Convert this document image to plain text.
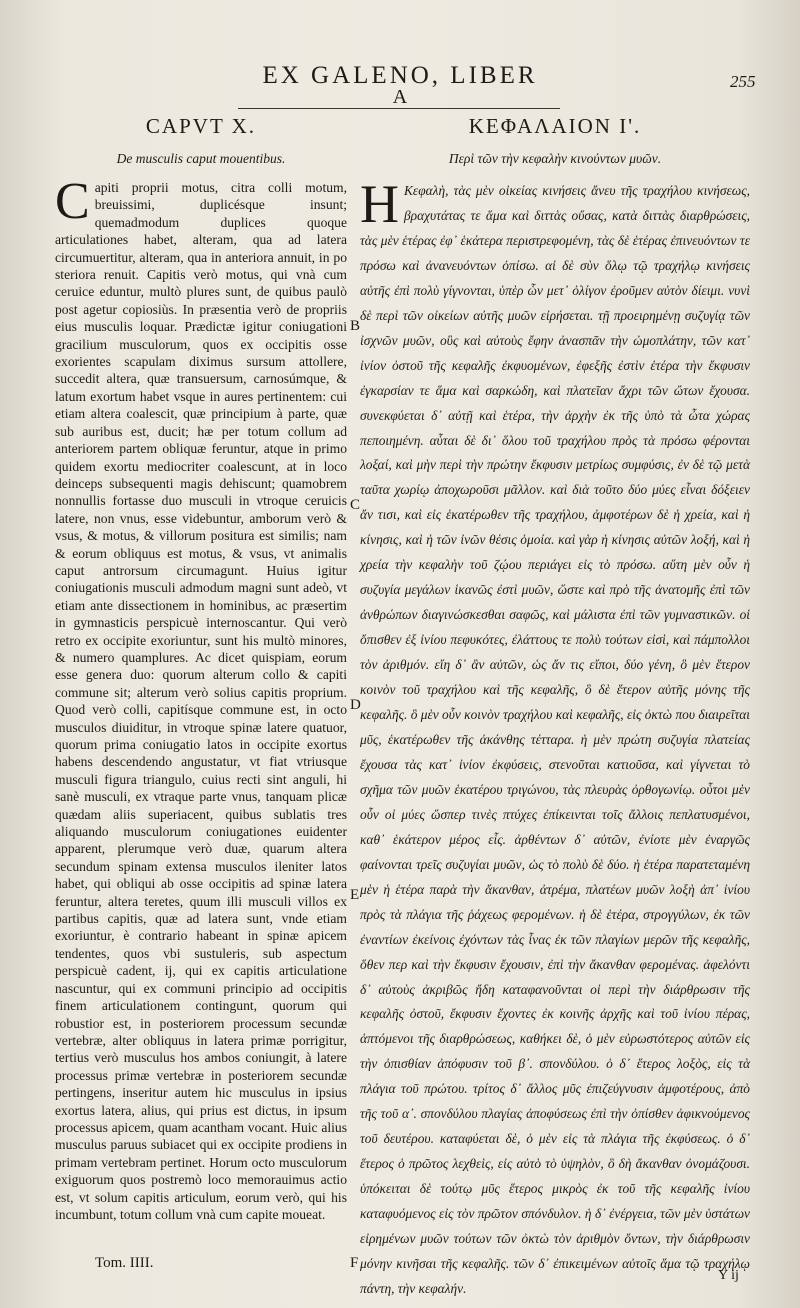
EX GALENO, LIBER	255
A
CAPVT X.
De musculis caput mouentibus.
C apiti proprii motus, citra colli motum, breuissimi, duplicésque insunt; quemadmodum duplices quoque articulationes habet, alteram, qua ad latera circumuertitur, alteram, qua in anteriora annuit, in po steriora renuit. Capitis verò motus, qui vnà cum ceruice eduntur, multò plures sunt, de quibus paulò post agetur copiosiùs. In præsentia verò de propriis eius musculis loquar. Prædictæ igitur coniugationi gracilium musculorum, quos ex occipitis osse exorientes scapulam diximus sursum attollere, succedit altera, quæ transuersum, carnosúmque, & latum exortum habet vsque in aures pertinentem: cui etiam altera coalescit, quæ principium à parte, quæ sub auribus est, ducit; hæ per totum collum ad anteriorem partem obliquæ feruntur, atque in primo quidem exortu mediocriter coalescunt, at in loco deinceps subsequenti magis dehiscunt; quamobrem nonnullis fortasse duo musculi in vtroque ceruicis latere, non vnus, esse videbuntur, amborum verò & vsus, & motus, & villorum positura est similis; nam & eorum obliquus est motus, & vsus, vt animalis caput antrorsum circumagunt. Huius igitur coniugationis musculi admodum magni sunt adeò, vt etiam ante dissectionem in hominibus, ac præsertim in gymnasticis perspicuè internoscantur. Qui verò retro ex occipite exoriuntur, sunt his multò minores, & numero quamplures. Ac dicet quispiam, eorum esse genera duo: quorum alterum collo & capiti commune sit; alterum verò solius capitis proprium. Quod verò colli, capitísque commune est, in octo musculos diuiditur, in vtroque spinæ latere quatuor, quorum prima coniugatio latos in occipite exortus habens descendendo angustatur, vt fiat vtriusque musculi figura triangulo, cuius recti sint anguli, hi sanè musculi, ex vtraque parte vnus, tanquam plicæ quædam aliis superiacent, quibus sublatis tres aliquando musculorum coniugationes euidenter apparent, plerumque verò duæ, quarum altera secundum spinam extensa musculos ileniter latos habet, qui obliqui ab osse occipitis ad spinæ latera feruntur, altera teretes, quum illi musculi villos ex partibus capitis, quæ ad latera sunt, vnde etiam exoriuntur, è contrario habeant in spinæ apicem tendentes, quos vbi sustuleris, sub aspectum perspicuè cadent, ij, qui ex capitis articulatione nascuntur, qui ex communi principio ad occipitis finem articulationem contingunt, quorum qui robustior est, in posteriorem processum secundæ vertebræ, alter obliquus in latera primæ porrigitur, tertius verò musculus hos ambos coniungit, à latere processus primæ vertebræ in posteriorem secundæ pertingens, inseritur autem hic musculus in ipsius exortus latera, alius, qui prius est dictus, in ipsum processus apicem, quam acantham vocant. Huic alius musculus paruus subiacet qui ex occipite prodiens in primam vertebram pertinet. Horum octo musculorum exiguorum quos postremò loco memorauimus actio est, vt solum capitis articulum, eorum verò, qui his incumbunt, totum collum vnà cum capite moueat.
B
C
D
E
F
ΚΕΦΑΛΑΙΟΝ Ι'.
Περὶ τῶν τὴν κεφαλὴν κινούντων μυῶν.
Η Κεφαλὴ, τὰς μὲν οἰκείας κινήσεις ἄνευ τῆς τραχήλου κινήσεως, βραχυτάτας τε ἅμα καὶ διττὰς οὔσας, κατὰ διττὰς διαρθρώσεις, τὰς μὲν ἑτέρας ἐφ᾽ ἑκάτερα περιστρεφομένη, τὰς δὲ ἑτέρας ἐπινευόντων τε πρόσω καὶ ἀνανευόντων ὀπίσω. αἱ δὲ σὺν ὅλῳ τῷ τραχήλῳ κινήσεις αὐτῆς ἐπὶ πολὺ γίγνονται, ὑπὲρ ὧν μετ᾽ ὀλίγον ἐροῦμεν αὐτὸν δίειμι. νυνὶ δὲ περὶ τῶν οἰκείων αὐτῆς μυῶν εἰρήσεται. τῇ προειρημένῃ συζυγίᾳ τῶν ἰσχνῶν μυῶν, οὓς καὶ αὐτοὺς ἔφην ἀνασπᾶν τὴν ὠμοπλάτην, τῶν κατ᾽ ἰνίον ὀστοῦ τῆς κεφαλῆς ἐκφυομένων, ἐφεξῆς ἐστὶν ἑτέρα τὴν ἔκφυσιν ἐγκαρσίαν τε ἅμα καὶ σαρκώδη, καὶ πλατεῖαν ἄχρι τῶν ὤτων ἔχουσα. συνεκφύεται δ᾽ αὐτῇ καὶ ἑτέρα, τὴν ἀρχὴν ἐκ τῆς ὑπὸ τὰ ὦτα χώρας πεποιημένη. αὗται δὲ δι᾽ ὅλου τοῦ τραχήλου πρὸς τὰ πρόσω φέρονται λοξαί, καὶ μὴν περὶ τὴν πρώτην ἔκφυσιν μετρίως συμφύσις, ἐν δὲ τῷ μετὰ ταῦτα χωρίῳ ἀποχωροῦσι μᾶλλον. καὶ διὰ τοῦτο δύο μύες εἶναι δόξειεν ἄν τισι, καὶ εἰς ἑκατέρωθεν τῆς τραχήλου, ἀμφοτέρων δὲ ἡ χρεία, καὶ ἡ κίνησις, καὶ ἡ τῶν ἰνῶν θέσις ὁμοία. καὶ γὰρ ἡ κίνησις αὐτῶν λοξή, καὶ ἡ χρεία τὴν κεφαλὴν τοῦ ζῴου περιάγει εἰς τὸ πρόσω. αὕτη μὲν οὖν ἡ συζυγία μεγάλων ἱκανῶς ἐστὶ μυῶν, ὥστε καὶ πρὸ τῆς ἀνατομῆς ἐπὶ τῶν ἀνθρώπων διαγινώσκεσθαι σαφῶς, καὶ μάλιστα ἐπὶ τῶν γυμναστικῶν. οἱ ὄπισθεν ἐξ ἰνίου πεφυκότες, ἐλάττους τε πολὺ τούτων εἰσὶ, καὶ πάμπολλοι τὸν ἀριθμόν. εἴη δ᾽ ἂν αὐτῶν, ὡς ἄν τις εἴποι, δύο γένη, ὃ μὲν ἕτερον κοινὸν τοῦ τραχήλου καὶ τῆς κεφαλῆς, ὃ δὲ ἕτερον αὐτῆς μόνης τῆς κεφαλῆς. ὃ μὲν οὖν κοινὸν τραχήλου καὶ κεφαλῆς, εἰς ὀκτὼ που διαιρεῖται μῦς, ἑκατέρωθεν τῆς ἀκάνθης τέτταρα. ἡ μὲν πρώτη συζυγία πλατείας ἔχουσα τὰς κατ᾽ ἰνίον ἐκφύσεις, στενοῦται κατιοῦσα, καὶ γίγνεται τὸ σχῆμα τῶν μυῶν ἑκατέρου τριγώνου, τὰς πλευρὰς ὀρθογωνίῳ. οὗτοι μὲν οὖν οἱ μύες ὥσπερ τινὲς πτύχες ἐπίκεινται τοῖς ἄλλοις πεπλατυσμένοι, καθ᾽ ἑκάτερον μέρος εἷς. ἀρθέντων δ᾽ αὐτῶν, ἐνίοτε μὲν ἐναργῶς φαίνονται τρεῖς συζυγίαι μυῶν, ὡς τὸ πολὺ δὲ δύο. ἡ ἑτέρα παρατεταμένη μὲν ἡ ἑτέρα παρὰ τὴν ἄκανθαν, ἀτρέμα, πλατέων μυῶν λοξὴ ἀπ᾽ ἰνίου πρὸς τὰ πλάγια τῆς ῥάχεως φερομένων. ἡ δὲ ἑτέρα, στρογγύλων, ἐκ τῶν ἐναντίων ἐκείνοις ἐχόντων τὰς ἶνας ἐκ τῶν πλαγίων μερῶν τῆς κεφαλῆς, ὅθεν περ καὶ τὴν ἔκφυσιν ἔχουσιν, ἐπὶ τὴν ἄκανθαν φερομένας. ἀφελόντι δ᾽ αὐτοὺς ἀκριβῶς ἤδη καταφανοῦνται οἱ περὶ τὴν διάρθρωσιν τῆς κεφαλῆς ὀστοῦ, ἔκφυσιν ἔχοντες ἐκ κοινῆς ἀρχῆς καὶ τοῦ ἰνίου πέρας, ἁπτόμενοι τῆς διαρθρώσεως, καθήκει δὲ, ὁ μὲν εὐρωστότερος αὐτῶν εἰς τὴν ὀπισθίαν ἀπόφυσιν τοῦ β᾽. σπονδύλου. ὁ δ᾽ ἕτερος λοξὸς, εἰς τὰ πλάγια τοῦ πρώτου. τρίτος δ᾽ ἄλλος μῦς ἐπιζεύγνυσιν ἀμφοτέρους, ἀπὸ τῆς τοῦ α᾽. σπονδύλου πλαγίας ἀποφύσεως ἐπὶ τὴν ὀπίσθεν ἀφικνούμενος τοῦ δευτέρου. καταφύεται δὲ, ὁ μὲν εἰς τὰ πλάγια τῆς ἐκφύσεως. ὁ δ᾽ ἕτερος ὁ πρῶτος λεχθεὶς, εἰς αὐτὸ τὸ ὑψηλὸν, ὃ δὴ ἄκανθαν ὀνομάζουσι. ὑπόκειται δὲ τούτῳ μῦς ἕτερος μικρὸς ἐκ τοῦ τῆς κεφαλῆς ἰνίου καταφυόμενος εἰς τὸν πρῶτον σπόνδυλον. ἡ δ᾽ ἐνέργεια, τῶν μὲν ὑστάτων εἰρημένων μυῶν τούτων τῶν ὀκτὼ τὸν ἀριθμὸν ὄντων, τὴν διάρθρωσιν μόνην κινῆσαι τῆς κεφαλῆς. τῶν δ᾽ ἐπικειμένων αὐτοῖς ἅμα τῷ τραχήλῳ πάντη, τὴν κεφαλήν.
Tom. IIII.
Y ij
